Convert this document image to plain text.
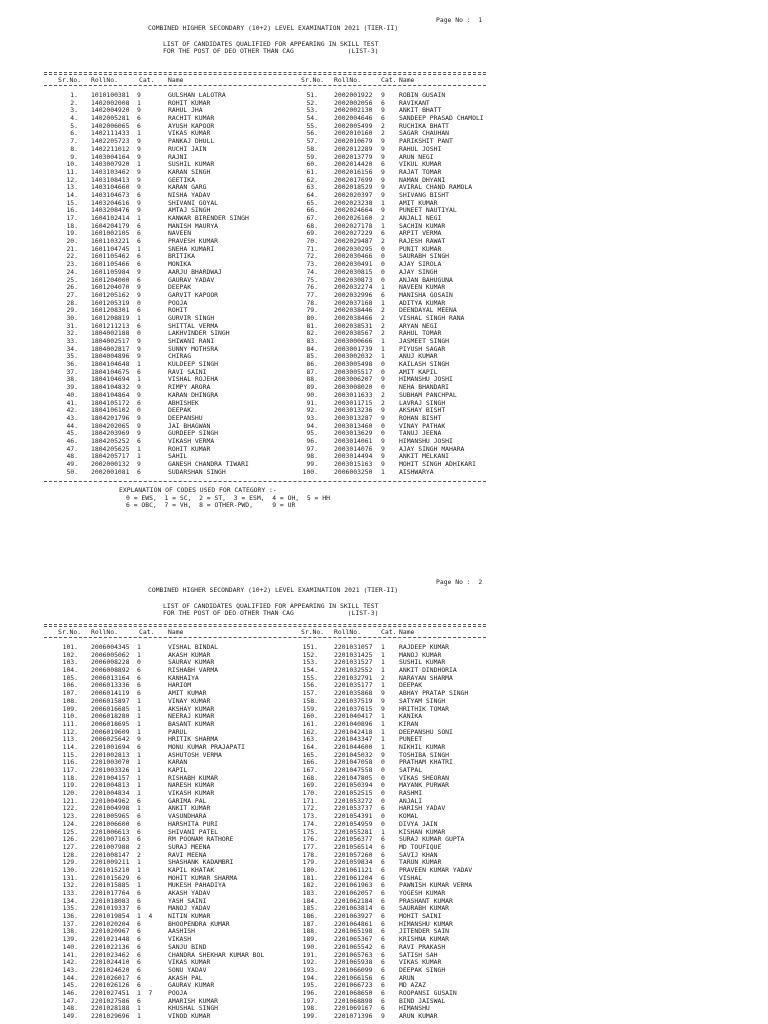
Page No :  1
COMBINED HIGHER SECONDARY (10+2) LEVEL EXAMINATION 2021 (TIER-II)
LIST OF CANDIDATES QUALIFIED FOR APPEARING IN SKILL TEST
FOR THE POST OF DEO OTHER THAN CAG              (LIST-3)
Sr.No. RollNo.	Cat. Name	Sr.No. RollNo.	Cat. Name
1. 1010100381 9	GULSHAN LALOTRA
2. 1402002008 1	ROHIT KUMAR
3. 1402004920 9	RAHUL JHA
4. 1402005281 6	RACHIT KUMAR
5. 1402006065 6	AYUSH KAPOOR
6. 1402111433 1	VIKAS KUMAR
7. 1402205723 9	PANKAJ DHULL
8. 1402211012 9	RUCHI JAIN
9. 1403004164 9	RAJNI
10. 1403007920 1	SUSHIL KUMAR
11. 1403103462 9	KARAN SINGH
12. 1403108413 9	GEETIKA
13. 1403104660 9	KARAN GARG
14. 1403104673 6	NISHA YADAV
15. 1403204616 9	SHIVANI GOYAL
16. 1403208476 9	AMTAJ SINGH
17. 1604102414 1	KANWAR BIRENDER SINGH
18. 1604204179 6	MANISH MAURYA
19. 1601002105 6	NAVEEN
20. 1601103221 6	PRAVESH KUMAR
21. 1601104745 1	SNEHA KUMARI
22. 1601105462 6	BRITIKA
23. 1601105466 6	MONIKA
24. 1601105984 9	AARJU BHARDWAJ
25. 1601204000 6	GAURAV YADAV
26. 1601204070 9	DEEPAK
27. 1601205162 9	GARVIT KAPOOR
28. 1601205319 0	POOJA
29. 1601208301 6	ROHIT
30. 1601208819 1	GURVIR SINGH
31. 1601211213 6	SHITTAL VERMA
32. 1804002188 0	LAKHVINDER SINGH
33. 1804002517 9	SHIWANI RANI
34. 1804002817 9	SUNNY MOTHSRA
35. 1804004896 9	CHIRAG
36. 1804104648 1	KULDEEP SINGH
37. 1804104675 6	RAVI SAINI
38. 1804104694 1	VISHAL ROJEHA
39. 1804104832 9	RIMPY ARORA
40. 1804104864 9	KARAN DHINGRA
41. 1804105172 6	ABHISHEK
42. 1804106102 0	DEEPAK
43. 1804201796 9	DEEPANSHU
44. 1804202065 9	JAI BHAGWAN
45. 1804203969 9	GURDEEP SINGH
46. 1804205252 6	VIKASH VERMA
47. 1804205625 1	ROHIT KUMAR
48. 1804205717 1	SAHIL
49. 2002000132 9	GANESH CHANDRA TIWARI
50. 2002001081 6	SUDARSHAN SINGH
51.	2002001922 9 ROBIN GUSAIN
52.	2002002056 6 RAVIKANT
53.	2002002130 9 ANKIT BHATT
54.	2002004646 6 SANDEEP PRASAD CHAMOLI
55.	2002005499 2 RUCHIKA BHATT
56.	2002010160 2 SAGAR CHAUHAN
57.	2002010679 9 PARIKSHIT PANT
58.	2002012289 9 RAHUL JOSHI
59.	2002013779 9 ARUN NEGI
60.	2002014420 6 VIKUL KUMAR
61.	2002016156 9 RAJAT TOMAR
62.	2002017699 9 NAMAN DHYANI
63.	2002018529 9 AVIRAL CHAND RAMOLA
64.	2002020397 9 SHIVANG BISHT
65.	2002023238 1 AMIT KUMAR
66.	2002024664 9 PUNEET NAUTIYAL
67.	2002026160 2 ANJALI NEGI
68.	2002027178 1 SACHIN KUMAR
69.	2002027229 6 ARPIT VERMA
70.	2002029487 2 RAJESH RAWAT
71.	2002030295 0 PUNIT KUMAR
72.	2002030466 0 SAURABH SINGH
73.	2002030491 0 AJAY SIROLA
74.	2002030815 0 AJAY SINGH
75.	2002030873 0 ANJAN BAHUGUNA
76.	2002032274 1 NAVEEN KUMAR
77.	2002032996 6 MANISHA GOSAIN
78.	2002037168 1 ADITYA KUMAR
79.	2002038446 2 DEENDAYAL MEENA
80.	2002038466 2 VISHAL SINGH RANA
81.	2002038531 2 ARYAN NEGI
82.	2002038567 2 RAHUL TOMAR
83.	2003000666 1 JASMEET SINGH
84.	2003001739 1 PIYUSH SAGAR
85.	2003002032 1 ANUJ KUMAR
86.	2003005498 0 KAILASH SINGH
87.	2003005517 0 AMIT KAPIL
88.	2003006207 9 HIMANSHU JOSHI
89.	2003008020 0 NEHA BHANDARI
90.	2003011633 2 SUBHAM PANCHPAL
91.	2003011715 2 LAVRAJ SINGH
92.	2003013236 9 AKSHAY BISHT
93.	2003013287 9 ROHAN BISHT
94.	2003013460 0 VINAY PATHAK
95.	2003013629 0 TANUJ JEENA
96.	2003014061 9 HIMANSHU JOSHI
97.	2003014076 9 AJAY SINGH MAHARA
98.	2003014494 9 ANKIT MELKANI
99.	2003015163 9 MOHIT SINGH ADHIKARI
100.	2006003250 1 AISHWARYA
EXPLANATION OF CODES USED FOR CATEGORY :-
0 = EWS,  1 = SC,  2 = ST,  3 = ESM,  4 = OH,  5 = HH
6 = OBC,  7 = VH,  8 = OTHER-PWD,     9 = UR
Page No :  2
COMBINED HIGHER SECONDARY (10+2) LEVEL EXAMINATION 2021 (TIER-II)
LIST OF CANDIDATES QUALIFIED FOR APPEARING IN SKILL TEST
FOR THE POST OF DEO OTHER THAN CAG              (LIST-3)
Sr.No. RollNo.	Cat. Name	Sr.No. RollNo.	Cat. Name
101. 2006004345 1	VISHAL BINDAL
102. 2006005062 1	AKASH KUMAR
103. 2006008228 0	SAURAV KUMAR
104. 2006008892 6	RISHABH VARMA
105. 2006013164 6	KANHAIYA
106. 2006013336 6	HARIOM
107. 2006014119 6	AMIT KUMAR
108. 2006015897 1	VINAY KUMAR
109. 2006016685 1	AKSHAY KUMAR
110. 2006018280 1	NEERAJ KUMAR
111. 2006018695 1	BASANT KUMAR
112. 2006019609 1	PARUL
113. 2006025642 9	HRITIK SHARMA
114. 2201001694 6	MONU KUMAR PRAJAPATI
115. 2201002813 1	ASHUTOSH VERMA
116. 2201003070 1	KARAN
117. 2201003326 1	KAPIL
118. 2201004157 1	RISHABH KUMAR
119. 2201004813 1	NARESH KUMAR
120. 2201004834 1	VIKASH KUMAR
121. 2201004962 6	GARIMA PAL
122. 2201004998 1	ANKIT KUMAR
123. 2201005965 6	VASUNDHARA
124. 2201006600 6	HARSHITA PURI
125. 2201006613 6	SHIVANI PATEL
126. 2201007163 6	RM POONAM RATHORE
127. 2201007988 2	SURAJ MEENA
128. 2201008147 2	RAVI MEENA
129. 2201009211 1	SHASHANK KADAMBRI
130. 2201015210 1	KAPIL KHATAK
131. 2201015629 6	MOHIT KUMAR SHARMA
132. 2201015885 1	MUKESH PAHADIYA
133. 2201017764 6	AKASH YADAV
134. 2201018083 6	YASH SAINI
135. 2201019337 6	MANOJ YADAV
136. 2201019854 1  4 NITIN KUMAR
137. 2201020204 6	BHOOPENDRA KUMAR
138. 2201020967 6	AASHISH
139. 2201021448 6	VIKASH
140. 2201022136 6	SANJU BIND
141. 2201023462 6	CHANDRA SHEKHAR KUMAR BOL
142. 2201024410 6	VIKAS KUMAR
143. 2201024620 6	SONU YADAV
144. 2201026017 6	AKASH PAL
145. 2201026126 6	GAURAV KUMAR
146. 2201027451 1  7 POOJA
147. 2201027586 6	AMARISH KUMAR
148. 2201028188 1	KHUSHAL SINGH
149. 2201029696 1	VINOD KUMAR
151.	2201031057 1 RAJDEEP KUMAR
152.	2201031425 1 MANOJ KUMAR
153.	2201031527 1 SUSHIL KUMAR
154.	2201032552 1 ANKIT DINDHORIA
155.	2201032791 2 NARAYAN SHARMA
156.	2201035177 1 DEEPAK
157.	2201035868 9 ABHAY PRATAP SINGH
158.	2201037519 9 SATYAM SINGH
159.	2201037615 9 HRITHIK TOMAR
160.	2201040417 1 KANIKA
161.	2201040896 1 KIRAN
162.	2201042418 1 DEEPANSHU SONI
163.	2201043347 1 PUNEET
164.	2201044600 1 NIKHIL KUMAR
165.	2201045032 9 TOSHIBA SINGH
166.	2201047058 0 PRATHAM KHATRI
167.	2201047558 0 SATPAL
168.	2201047805 0 VIKAS SHEORAN
169.	2201050394 0 MAYANK PURWAR
170.	2201052515 0 RASHMI
171.	2201053272 0 ANJALI
172.	2201053737 6 HARISH YADAV
173.	2201054391 0 KOMAL
174.	2201054959 0 DIVYA JAIN
175.	2201055281 1 KISHAN KUMAR
176.	2201056377 6 SURAJ KUMAR GUPTA
177.	2201056514 6 MD TOUFIQUE
178.	2201057260 6 SAVIJ KHAN
179.	2201059834 6 TARUN KUMAR
180.	2201061121 6 PRAVEEN KUMAR YADAV
181.	2201061204 6 VISHAL
182.	2201061963 6 PAWNISH KUMAR VERMA
183.	2201062057 6 YOGESH KUMAR
184.	2201062184 6 PRASHANT KUMAR
185.	2201063814 6 SAURABH KUMAR
186.	2201063927 6 MOHIT SAINI
187.	2201064861 6 HIMANSHU KUMAR
188.	2201065198 6 JITENDER SAIN
189.	2201065367 6 KRISHNA KUMAR
190.	2201065542 6 RAVI PRAKASH
191.	2201065763 6 SATISH SAH
192.	2201065938 6 VIKAS KUMAR
193.	2201066099 6 DEEPAK SINGH
194.	2201066156 6 ARUN
195.	2201066723 6 MD AZAZ
196.	2201068650 6 ROOPANSI GUSAIN
197.	2201068898 6 BIND JAISWAL
198.	2201069167 6 HIMANSHU
199.	2201071396 9 ARUN KUMAR
